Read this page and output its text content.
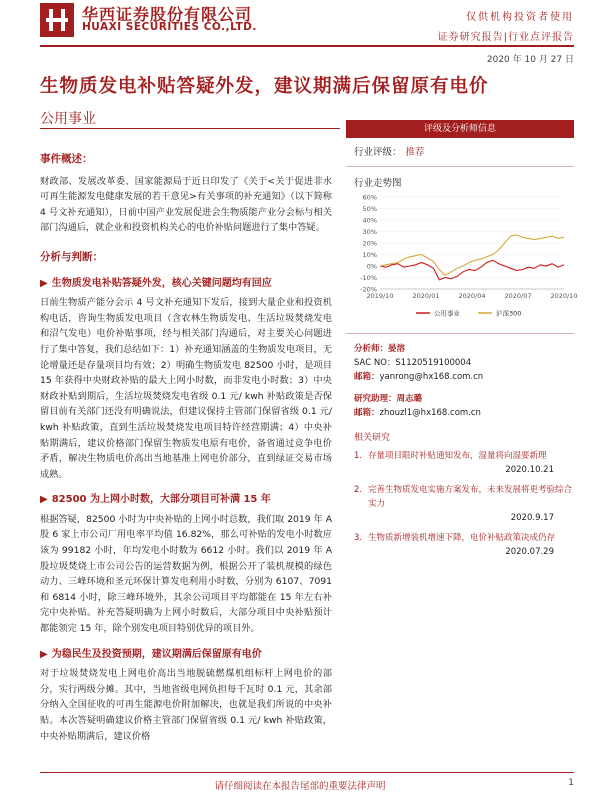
华西证券股份有限公司
HUAXI SECURITIES CO.,LTD.
仅供机构投资者使用
证券研究报告|行业点评报告
2020 年 10 月 27 日
生物质发电补贴答疑外发，建议期满后保留原有电价
公用事业
事件概述：
财政部、发展改革委、国家能源局于近日印发了《关于<关于促进非水可再生能源发电健康发展的若干意见>有关事项的补充通知》（以下简称 4 号文补充通知），日前中国产业发展促进会生物质能产业分会标与相关部门沟通后，就企业和投资机构关心的电价补贴问题进行了集中答疑。
分析与判断：
▶ 生物质发电补贴答疑外发，核心关键问题均有回应
日前生物质产能分会示 4 号文补充通知下发后，接到大量企业和投资机构电话，咨询生物质发电项目（含农林生物质发电、生活垃圾焚烧发电和沼气发电）电价补贴事项，经与相关部门沟通后，对主要关心问题进行了集中答复，我们总结如下：1）补充通知涵盖的生物质发电项目，无论增量还是存量项目均有效；2）明确生物质发电 82500 小时，是项目 15 年获得中央财政补贴的最大上网小时数，而非发电小时数；3）中央财政补贴到期后，生活垃圾焚烧发电省级 0.1 元/ kwh 补贴政策是否保留目前有关部门还没有明确说法，但建议保持主管部门保留省级 0.1 元/ kwh 补贴政策，直到生活垃圾焚烧发电项目特许经营期满；4）中央补贴期满后，建议价格部门保留生物质发电原有电价，备省通过竞争电价矛盾，解决生物质电价高出当地基准上网电价部分，直到绿证交易市场成熟。
▶ 82500 为上网小时数，大部分项目可补满 15 年
根据答疑，82500 小时为中央补贴的上网小时总数，我们取 2019 年 A 股 6 家上市公司厂用电率平均值 16.82%，那么可补贴的发电小时数应该为 99182 小时，年均发电小时数为 6612 小时。我们以 2019 年 A 股垃圾焚烧上市公司公告的运营数据为例，根据公开了装机规模的绿色动力、三峰环境和圣元环保计算发电利用小时数，分别为 6107、7091 和 6814 小时，除三峰环境外，其余公司项目平均都能在 15 年左右补完中央补贴。补充答疑明确为上网小时数后，大部分项目中央补贴预计都能领完 15 年，除个别发电项目特别优异的项目外。
▶ 为稳民生及投资预期，建议期满后保留原有电价
对于垃圾焚烧发电上网电价高出当地脱硫燃煤机组标杆上网电价的部分，实行两级分摊。其中，当地省级电网负担每千瓦时 0.1 元，其余部分纳入全国征收的可再生能源电价附加解决，也就是我们所说的中央补贴。本次答疑明确建议价格主管部门保留省级 0.1 元/ kwh 补贴政策，中央补贴期满后，建议价格
评级及分析师信息
行业评级： 推荐
行业走势图
-20%
-10%
0%
10%
20%
30%
40%
50%
60%
2019/10	2020/01	2020/04	2020/07	2020/10
公用事业	沪深300
分析师：晏溶
SAC NO：S1120519100004
邮箱：yanrong@hx168.com.cn
研究助理：周志璐
邮箱：zhouzl1@hx168.com.cn
相关研究
1. 存量项目限时补贴通知发布，湿量将向湿要新理
2020.10.21
2. 完善生物质发电实施方案发布，未来发展将更考验综合实力
2020.9.17
3. 生物质新增装机增速下降，电价补贴政策决成仍存
2020.07.29
请仔细阅读在本报告尾部的重要法律声明	1
